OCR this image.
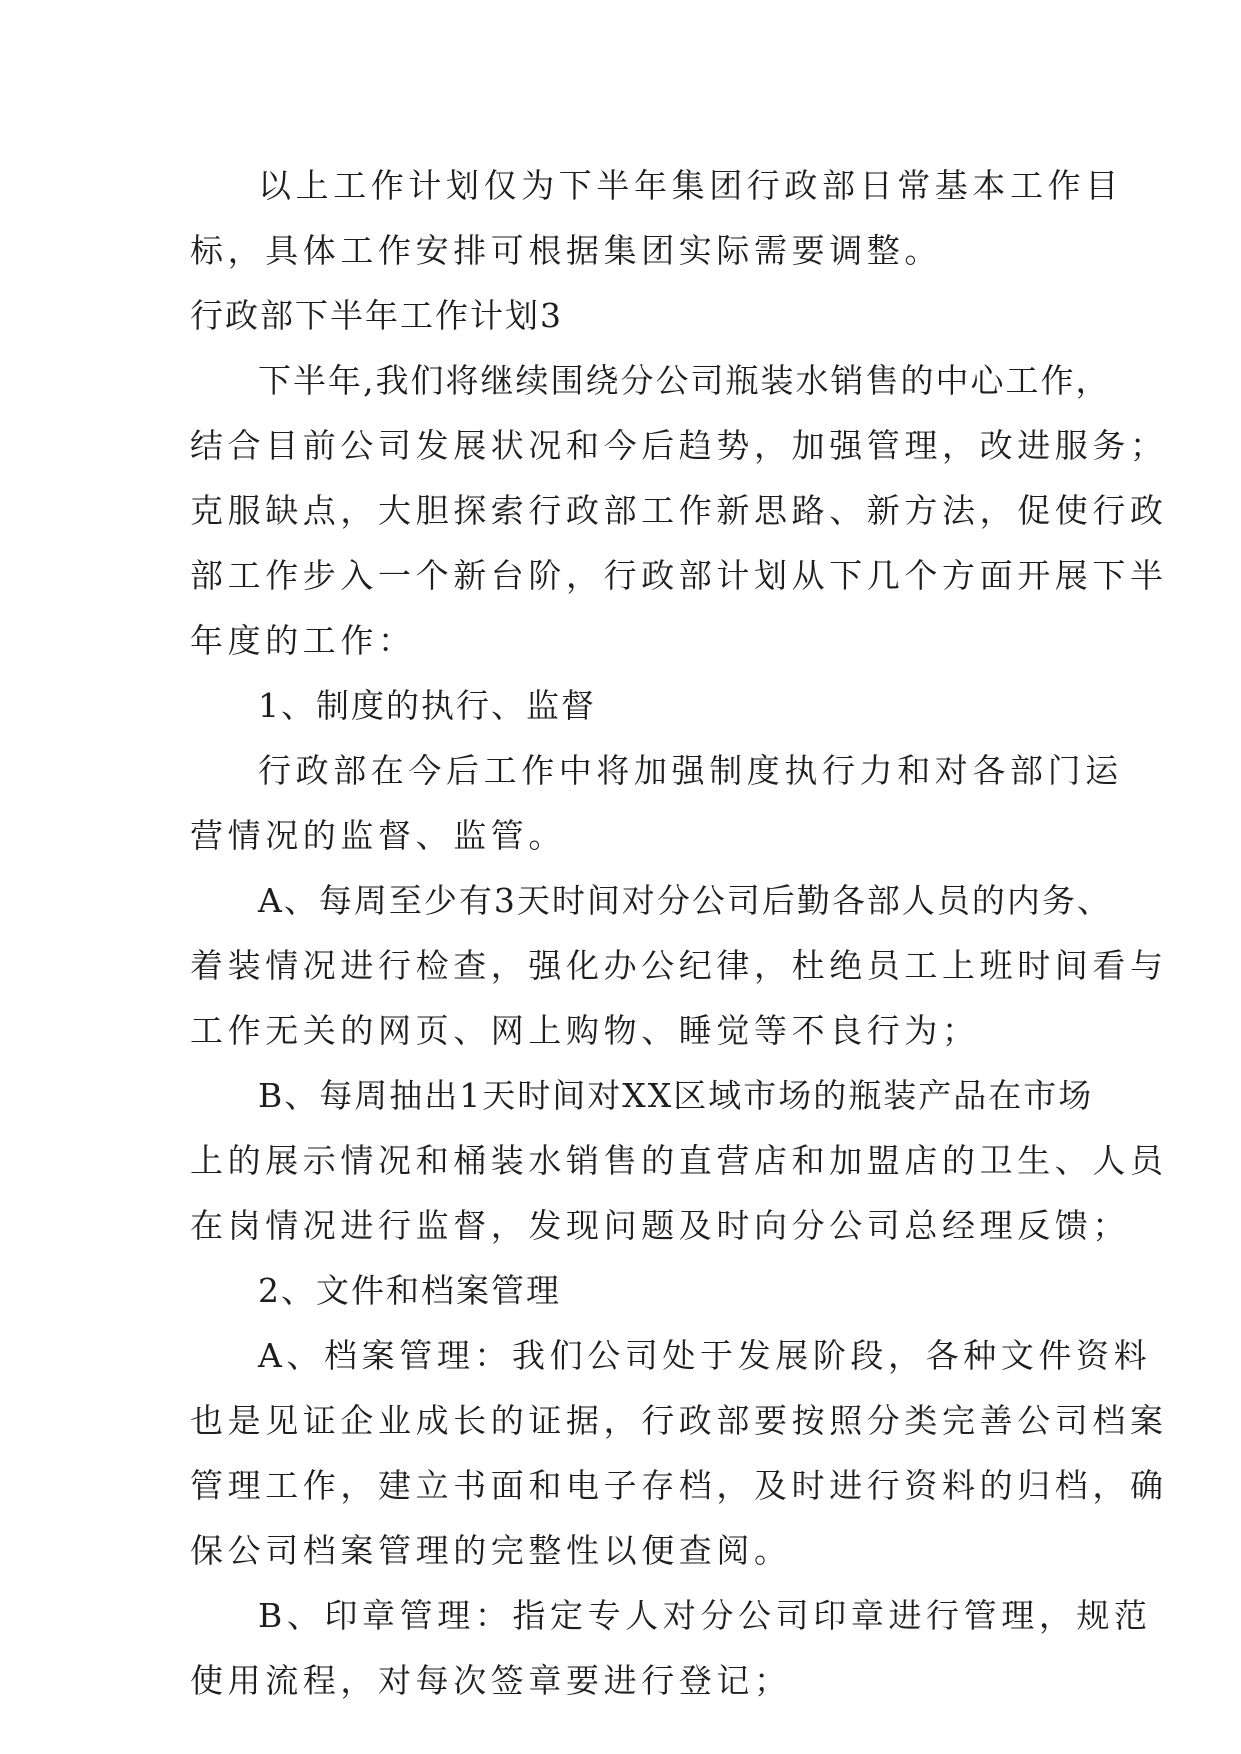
以上工作计划仅为下半年集团行政部日常基本工作目
标，具体工作安排可根据集团实际需要调整。
行政部下半年工作计划3
下半年,我们将继续围绕分公司瓶装水销售的中心工作，
结合目前公司发展状况和今后趋势，加强管理，改进服务；
克服缺点，大胆探索行政部工作新思路、新方法，促使行政
部工作步入一个新台阶，行政部计划从下几个方面开展下半
年度的工作：
1、制度的执行、监督
行政部在今后工作中将加强制度执行力和对各部门运
营情况的监督、监管。
A、每周至少有3天时间对分公司后勤各部人员的内务、
着装情况进行检查，强化办公纪律，杜绝员工上班时间看与
工作无关的网页、网上购物、睡觉等不良行为；
B、每周抽出1天时间对XX区域市场的瓶装产品在市场
上的展示情况和桶装水销售的直营店和加盟店的卫生、人员
在岗情况进行监督，发现问题及时向分公司总经理反馈；
2、文件和档案管理
A、档案管理：我们公司处于发展阶段，各种文件资料
也是见证企业成长的证据，行政部要按照分类完善公司档案
管理工作，建立书面和电子存档，及时进行资料的归档，确
保公司档案管理的完整性以便查阅。
B、印章管理：指定专人对分公司印章进行管理，规范
使用流程，对每次签章要进行登记；
